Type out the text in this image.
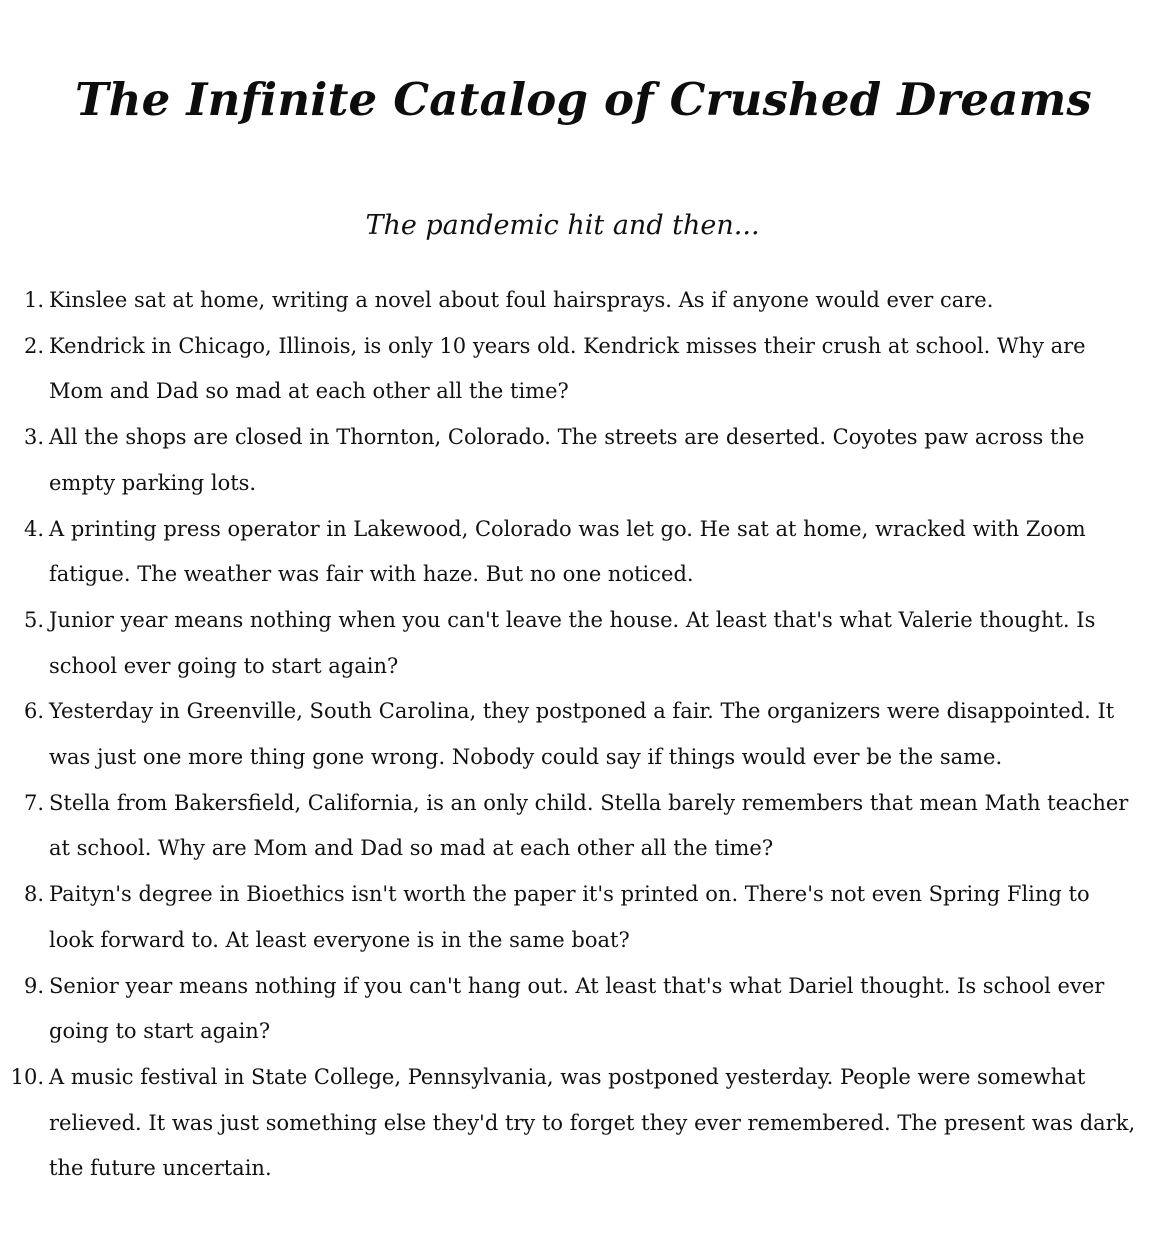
The Infinite Catalog of Crushed Dreams
The pandemic hit and then...
1. Kinslee sat at home, writing a novel about foul hairsprays. As if anyone would ever care.
2. Kendrick in Chicago, Illinois, is only 10 years old. Kendrick misses their crush at school. Why are Mom and Dad so mad at each other all the time?
3. All the shops are closed in Thornton, Colorado. The streets are deserted. Coyotes paw across the empty parking lots.
4. A printing press operator in Lakewood, Colorado was let go. He sat at home, wracked with Zoom fatigue. The weather was fair with haze. But no one noticed.
5. Junior year means nothing when you can't leave the house. At least that's what Valerie thought. Is school ever going to start again?
6. Yesterday in Greenville, South Carolina, they postponed a fair. The organizers were disappointed. It was just one more thing gone wrong. Nobody could say if things would ever be the same.
7. Stella from Bakersfield, California, is an only child. Stella barely remembers that mean Math teacher at school. Why are Mom and Dad so mad at each other all the time?
8. Paityn's degree in Bioethics isn't worth the paper it's printed on. There's not even Spring Fling to look forward to. At least everyone is in the same boat?
9. Senior year means nothing if you can't hang out. At least that's what Dariel thought. Is school ever going to start again?
10. A music festival in State College, Pennsylvania, was postponed yesterday. People were somewhat relieved. It was just something else they'd try to forget they ever remembered. The present was dark, the future uncertain.
